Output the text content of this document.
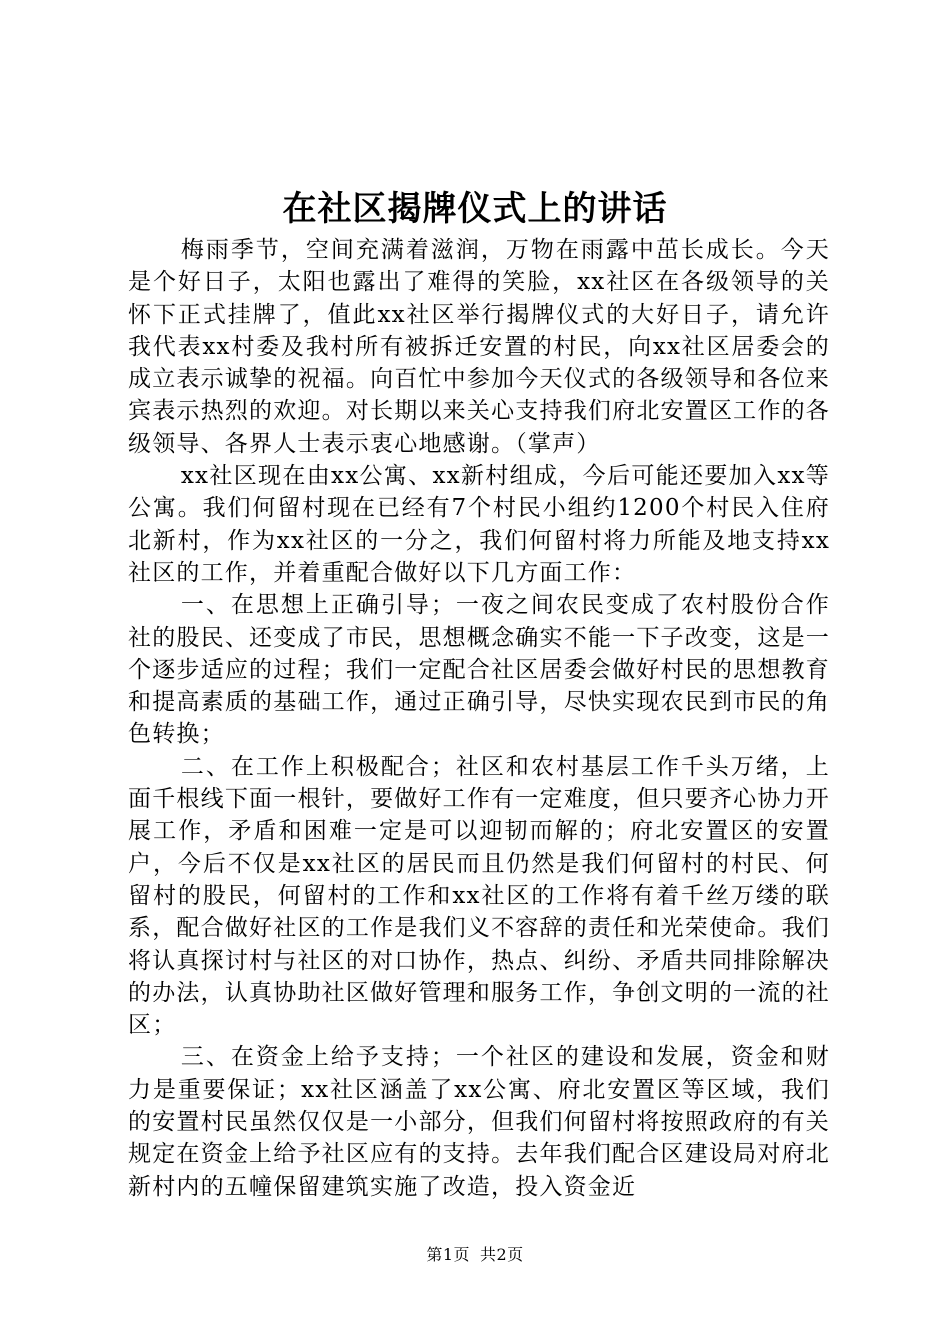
在社区揭牌仪式上的讲话

梅雨季节，空间充满着滋润，万物在雨露中茁长成长。今天是个好日子，太阳也露出了难得的笑脸，xx社区在各级领导的关怀下正式挂牌了，值此xx社区举行揭牌仪式的大好日子，请允许我代表xx村委及我村所有被拆迁安置的村民，向xx社区居委会的成立表示诚挚的祝福。向百忙中参加今天仪式的各级领导和各位来宾表示热烈的欢迎。对长期以来关心支持我们府北安置区工作的各级领导、各界人士表示衷心地感谢。（掌声）

xx社区现在由xx公寓、xx新村组成，今后可能还要加入xx等公寓。我们何留村现在已经有7个村民小组约1200个村民入住府北新村，作为xx社区的一分之，我们何留村将力所能及地支持xx社区的工作，并着重配合做好以下几方面工作：

一、在思想上正确引导；一夜之间农民变成了农村股份合作社的股民、还变成了市民，思想概念确实不能一下子改变，这是一个逐步适应的过程；我们一定配合社区居委会做好村民的思想教育和提高素质的基础工作，通过正确引导，尽快实现农民到市民的角色转换；

二、在工作上积极配合；社区和农村基层工作千头万绪，上面千根线下面一根针，要做好工作有一定难度，但只要齐心协力开展工作，矛盾和困难一定是可以迎韧而解的；府北安置区的安置户，今后不仅是xx社区的居民而且仍然是我们何留村的村民、何留村的股民，何留村的工作和xx社区的工作将有着千丝万缕的联系，配合做好社区的工作是我们义不容辞的责任和光荣使命。我们将认真探讨村与社区的对口协作，热点、纠纷、矛盾共同排除解决的办法，认真协助社区做好管理和服务工作，争创文明的一流的社区；

三、在资金上给予支持；一个社区的建设和发展，资金和财力是重要保证；xx社区涵盖了xx公寓、府北安置区等区域，我们的安置村民虽然仅仅是一小部分，但我们何留村将按照政府的有关规定在资金上给予社区应有的支持。去年我们配合区建设局对府北新村内的五幢保留建筑实施了改造，投入资金近

第1页 共2页
